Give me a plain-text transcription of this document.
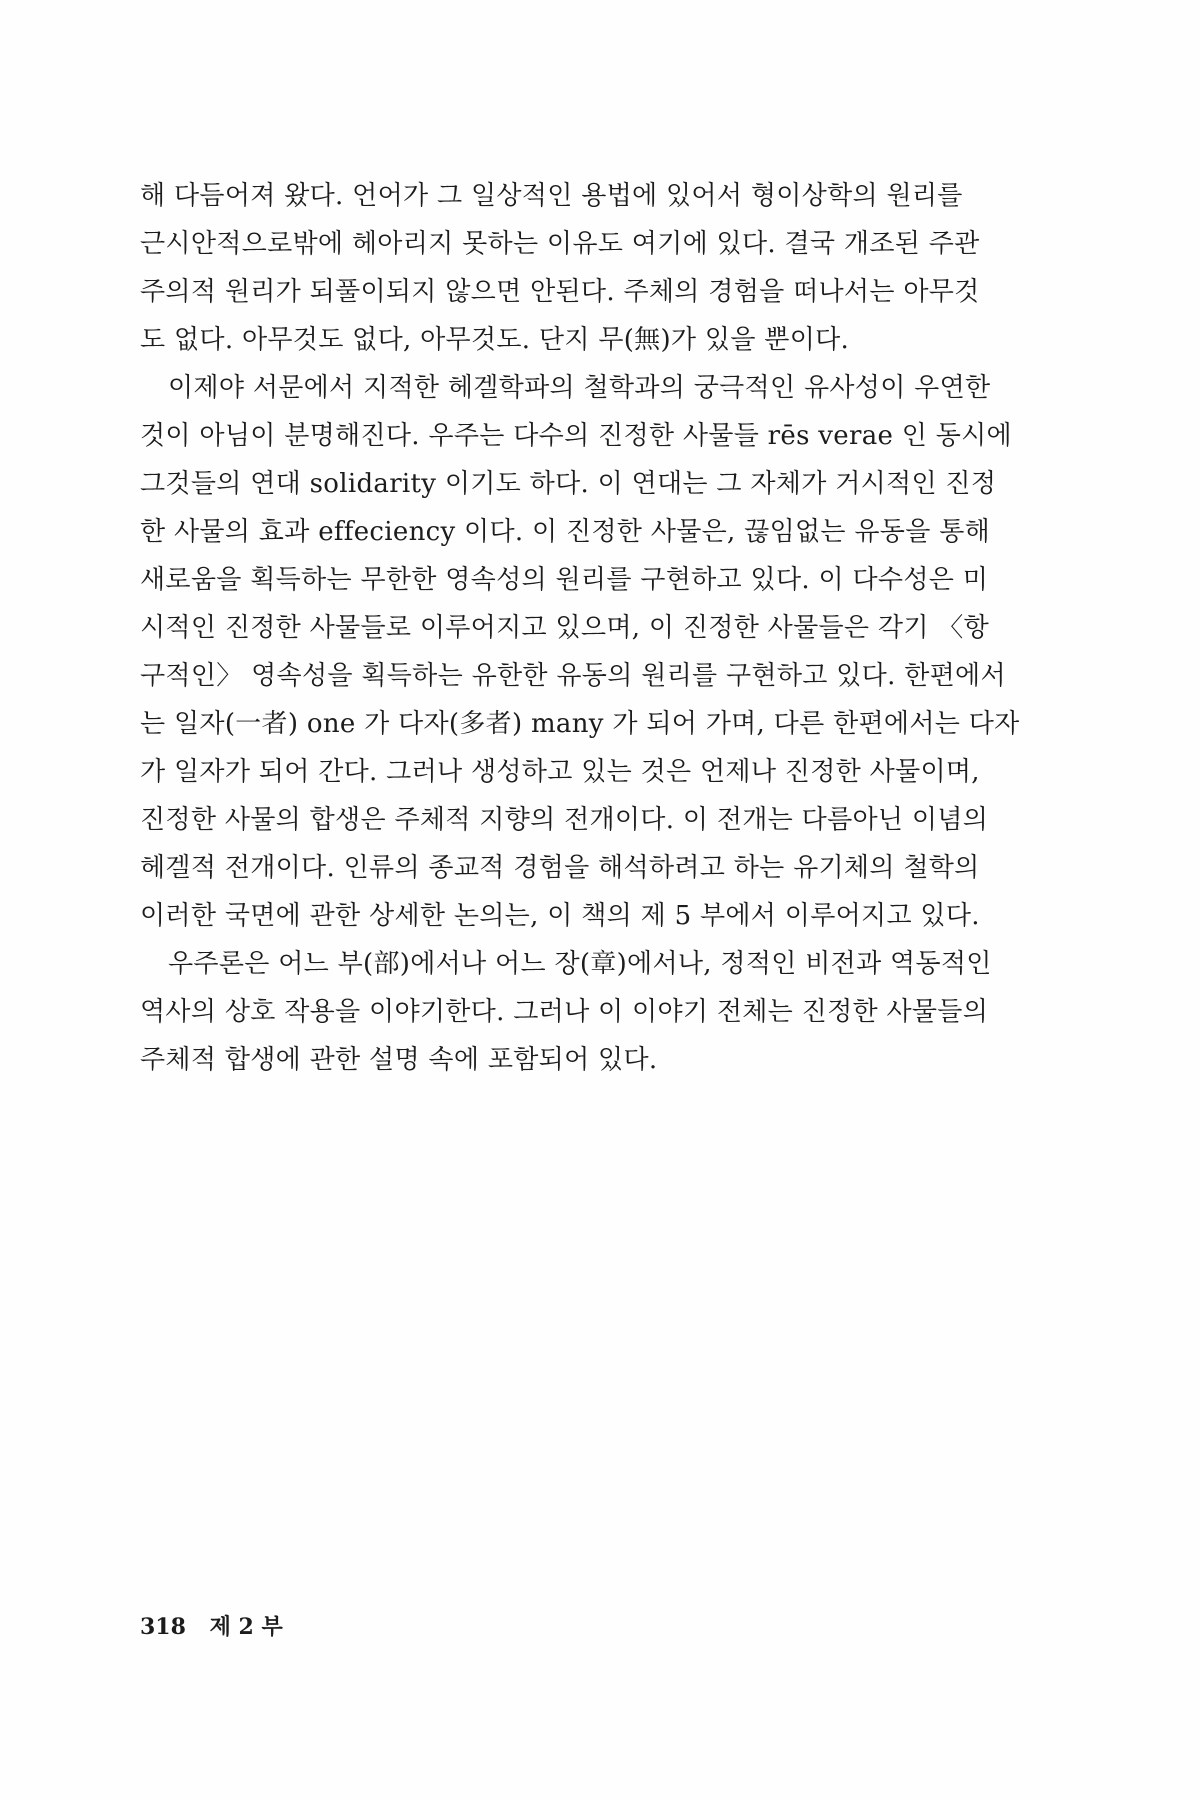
해 다듬어져 왔다. 언어가 그 일상적인 용법에 있어서 형이상학의 원리를
근시안적으로밖에 헤아리지 못하는 이유도 여기에 있다. 결국 개조된 주관
주의적 원리가 되풀이되지 않으면 안된다. 주체의 경험을 떠나서는 아무것
도 없다. 아무것도 없다, 아무것도. 단지 무(無)가 있을 뿐이다.

이제야 서문에서 지적한 헤겔학파의 철학과의 궁극적인 유사성이 우연한
것이 아님이 분명해진다. 우주는 다수의 진정한 사물들 rēs verae 인 동시에
그것들의 연대 solidarity 이기도 하다. 이 연대는 그 자체가 거시적인 진정
한 사물의 효과 effeciency 이다. 이 진정한 사물은, 끊임없는 유동을 통해
새로움을 획득하는 무한한 영속성의 원리를 구현하고 있다. 이 다수성은 미
시적인 진정한 사물들로 이루어지고 있으며, 이 진정한 사물들은 각기 〈항
구적인〉 영속성을 획득하는 유한한 유동의 원리를 구현하고 있다. 한편에서
는 일자(一者) one 가 다자(多者) many 가 되어 가며, 다른 한편에서는 다자
가 일자가 되어 간다. 그러나 생성하고 있는 것은 언제나 진정한 사물이며,
진정한 사물의 합생은 주체적 지향의 전개이다. 이 전개는 다름아닌 이념의
헤겔적 전개이다. 인류의 종교적 경험을 해석하려고 하는 유기체의 철학의
이러한 국면에 관한 상세한 논의는, 이 책의 제 5 부에서 이루어지고 있다.

우주론은 어느 부(部)에서나 어느 장(章)에서나, 정적인 비전과 역동적인
역사의 상호 작용을 이야기한다. 그러나 이 이야기 전체는 진정한 사물들의
주체적 합생에 관한 설명 속에 포함되어 있다.

318 제 2 부
